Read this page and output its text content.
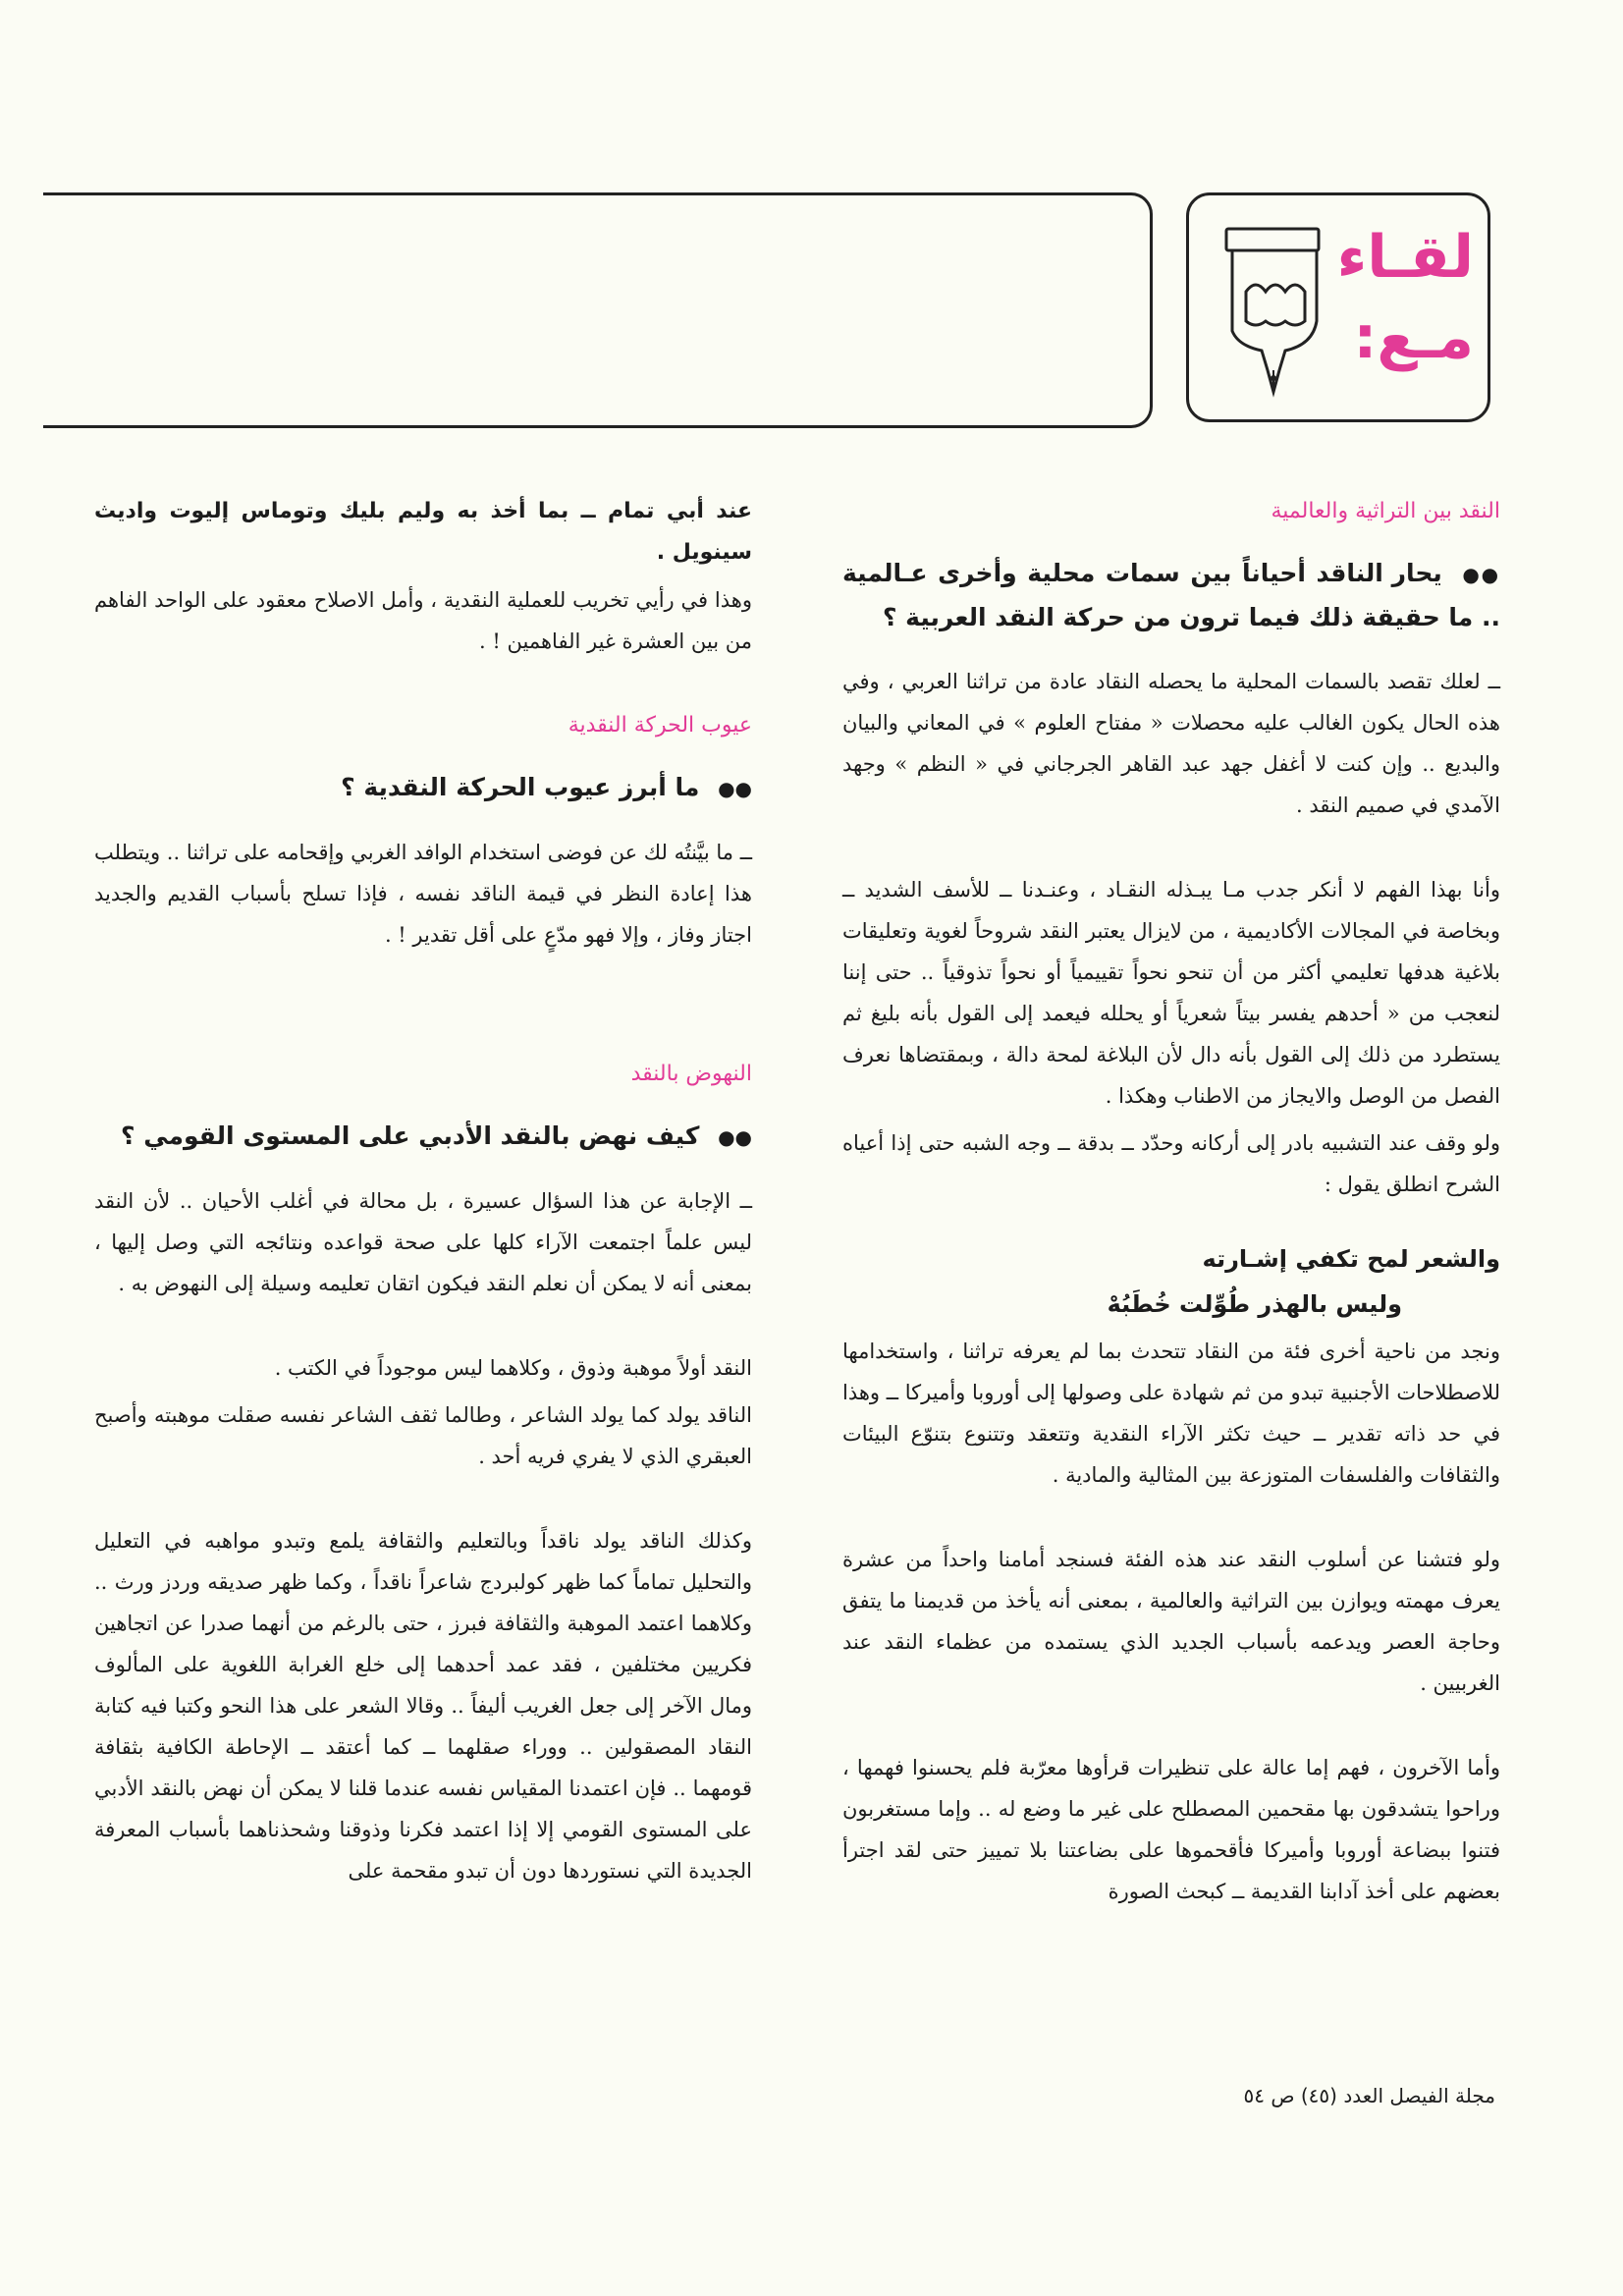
لقـاء
مـع:
النقد بين التراثية والعالمية
●● يحار الناقد أحياناً بين سمات محلية وأخرى عـالمية .. ما حقيقة ذلك فيما ترون من حركة النقد العربية ؟

ــ لعلك تقصد بالسمات المحلية ما يحصله النقاد عادة من تراثنا العربي ، وفي هذه الحال يكون الغالب عليه محصلات « مفتاح العلوم » في المعاني والبيان والبديع .. وإن كنت لا أغفل جهد عبد القاهر الجرجاني في « النظم » وجهد الآمدي في صميم النقد .

وأنا بهذا الفهم لا أنكر جدب مـا يبـذله النقـاد ، وعنـدنا ــ للأسف الشديد ــ وبخاصة في المجالات الأكاديمية ، من لايزال يعتبر النقد شروحاً لغوية وتعليقات بلاغية هدفها تعليمي أكثر من أن تنحو نحواً تقييمياً أو نحواً تذوقياً .. حتى إننا لنعجب من « أحدهم يفسر بيتاً شعرياً أو يحلله فيعمد إلى القول بأنه بليغ ثم يستطرد من ذلك إلى القول بأنه دال لأن البلاغة لمحة دالة ، وبمقتضاها نعرف الفصل من الوصل والايجاز من الاطناب وهكذا .

ولو وقف عند التشبيه بادر إلى أركانه وحدّد ــ بدقة ــ وجه الشبه حتى إذا أعياه الشرح انطلق يقول :

والشعر لمح تكفي إشـارته
وليس بالهذر طُوِّلت خُطَبُهْ

ونجد من ناحية أخرى فئة من النقاد تتحدث بما لم يعرفه تراثنا ، واستخدامها للاصطلاحات الأجنبية تبدو من ثم شهادة على وصولها إلى أوروبا وأميركا ــ وهذا في حد ذاته تقدير ــ حيث تكثر الآراء النقدية وتتعقد وتتنوع بتنوّع البيئات والثقافات والفلسفات المتوزعة بين المثالية والمادية .

ولو فتشنا عن أسلوب النقد عند هذه الفئة فسنجد أمامنا واحداً من عشرة يعرف مهمته ويوازن بين التراثية والعالمية ، بمعنى أنه يأخذ من قديمنا ما يتفق وحاجة العصر ويدعمه بأسباب الجديد الذي يستمده من عظماء النقد عند الغربيين .

وأما الآخرون ، فهم إما عالة على تنظيرات قرأوها معرّبة فلم يحسنوا فهمها ، وراحوا يتشدقون بها مقحمين المصطلح على غير ما وضع له .. وإما مستغربون فتنوا ببضاعة أوروبا وأميركا فأقحموها على بضاعتنا بلا تمييز حتى لقد اجترأ بعضهم على أخذ آدابنا القديمة ــ كبحث الصورة

عند أبي تمام ــ بما أخذ به وليم بليك وتوماس إليوت واديث سينويل .

وهذا في رأيي تخريب للعملية النقدية ، وأمل الاصلاح معقود على الواحد الفاهم من بين العشرة غير الفاهمين ! .

عيوب الحركة النقدية
●● ما أبرز عيوب الحركة النقدية ؟

ــ ما بيَّنتُه لك عن فوضى استخدام الوافد الغربي وإقحامه على تراثنا .. ويتطلب هذا إعادة النظر في قيمة الناقد نفسه ، فإذا تسلح بأسباب القديم والجديد اجتاز وفاز ، وإلا فهو مدّعٍ على أقل تقدير ! .

النهوض بالنقد
●● كيف نهض بالنقد الأدبي على المستوى القومي ؟

ــ الإجابة عن هذا السؤال عسيرة ، بل محالة في أغلب الأحيان .. لأن النقد ليس علماً اجتمعت الآراء كلها على صحة قواعده ونتائجه التي وصل إليها ، بمعنى أنه لا يمكن أن نعلم النقد فيكون اتقان تعليمه وسيلة إلى النهوض به .

النقد أولاً موهبة وذوق ، وكلاهما ليس موجوداً في الكتب .

الناقد يولد كما يولد الشاعر ، وطالما ثقف الشاعر نفسه صقلت موهبته وأصبح العبقري الذي لا يفري فريه أحد .

وكذلك الناقد يولد ناقداً وبالتعليم والثقافة يلمع وتبدو مواهبه في التعليل والتحليل تماماً كما ظهر كولبردج شاعراً ناقداً ، وكما ظهر صديقه وردز ورث .. وكلاهما اعتمد الموهبة والثقافة فبرز ، حتى بالرغم من أنهما صدرا عن اتجاهين فكريين مختلفين ، فقد عمد أحدهما إلى خلع الغرابة اللغوية على المألوف ومال الآخر إلى جعل الغريب أليفاً .. وقالا الشعر على هذا النحو وكتبا فيه كتابة النقاد المصقولين .. ووراء صقلهما ــ كما أعتقد ــ الإحاطة الكافية بثقافة قومهما .. فإن اعتمدنا المقياس نفسه عندما قلنا لا يمكن أن نهض بالنقد الأدبي على المستوى القومي إلا إذا اعتمد فكرنا وذوقنا وشحذناهما بأسباب المعرفة الجديدة التي نستوردها دون أن تبدو مقحمة على

مجلة الفيصل العدد (٤٥) ص ٥٤
